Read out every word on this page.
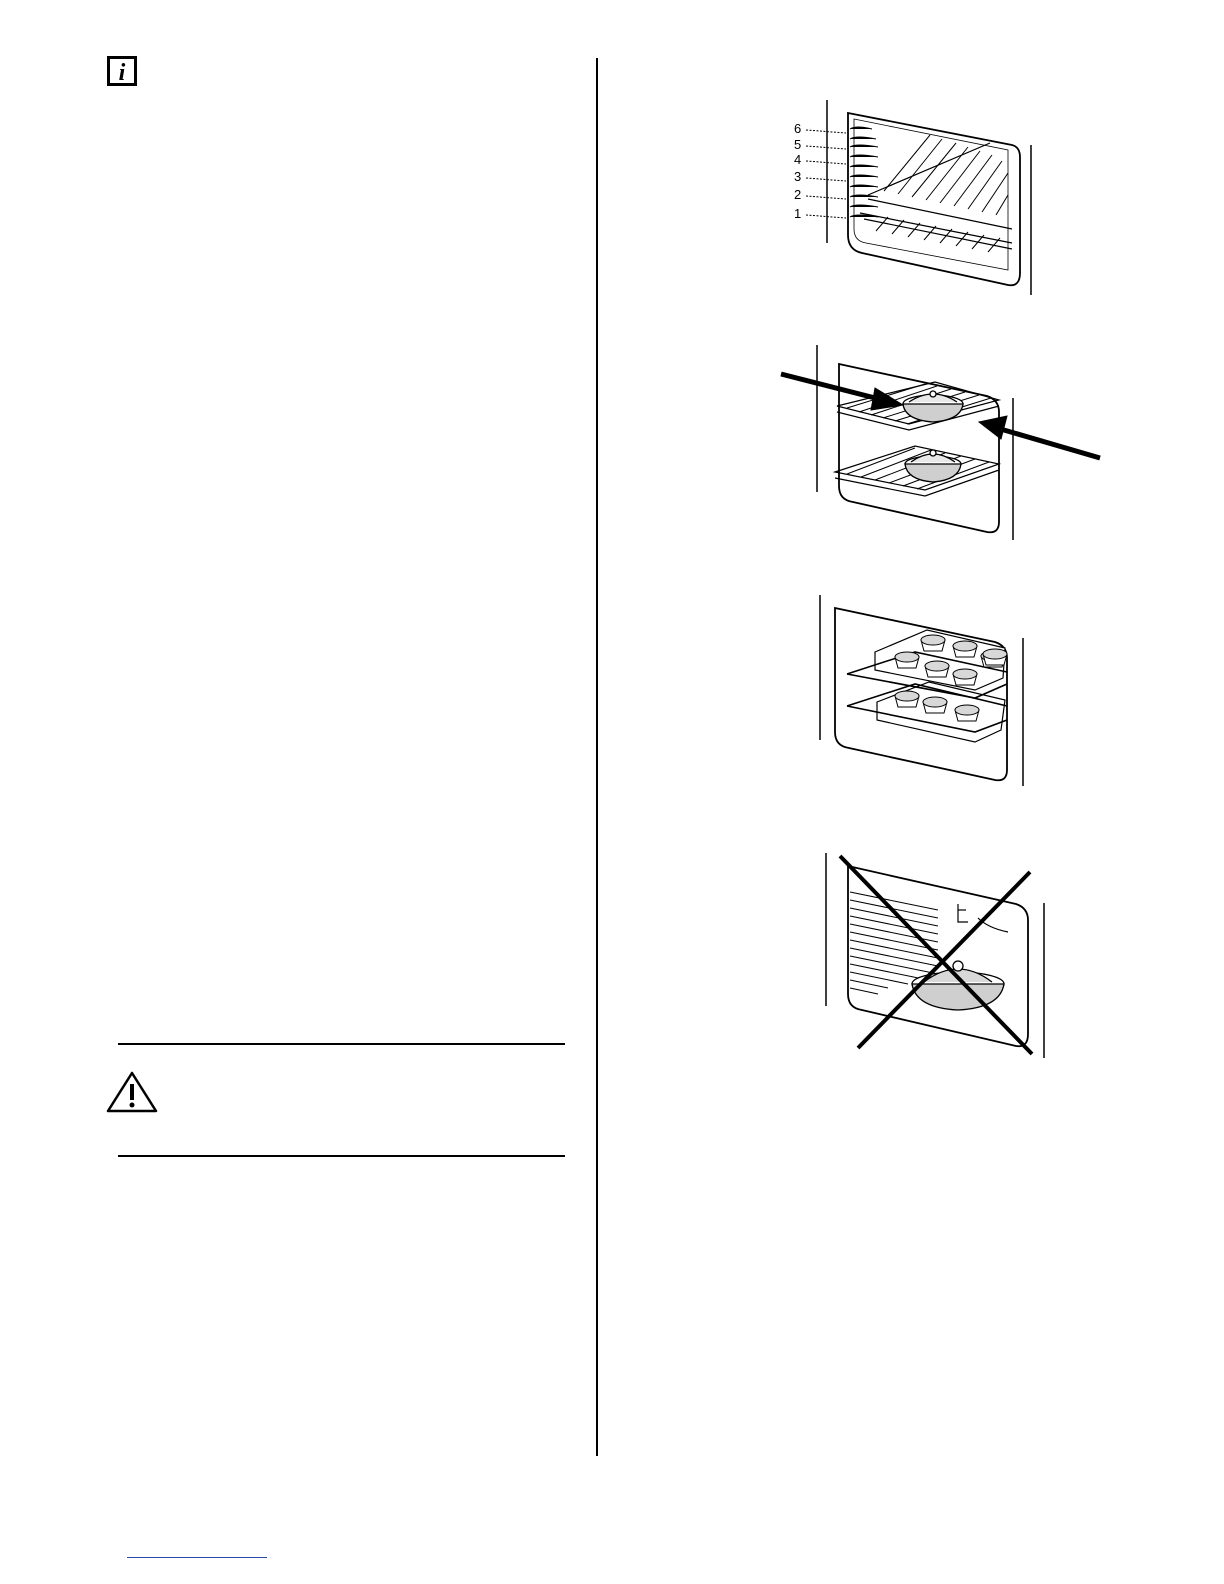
i
6
5
4
3
2
1
